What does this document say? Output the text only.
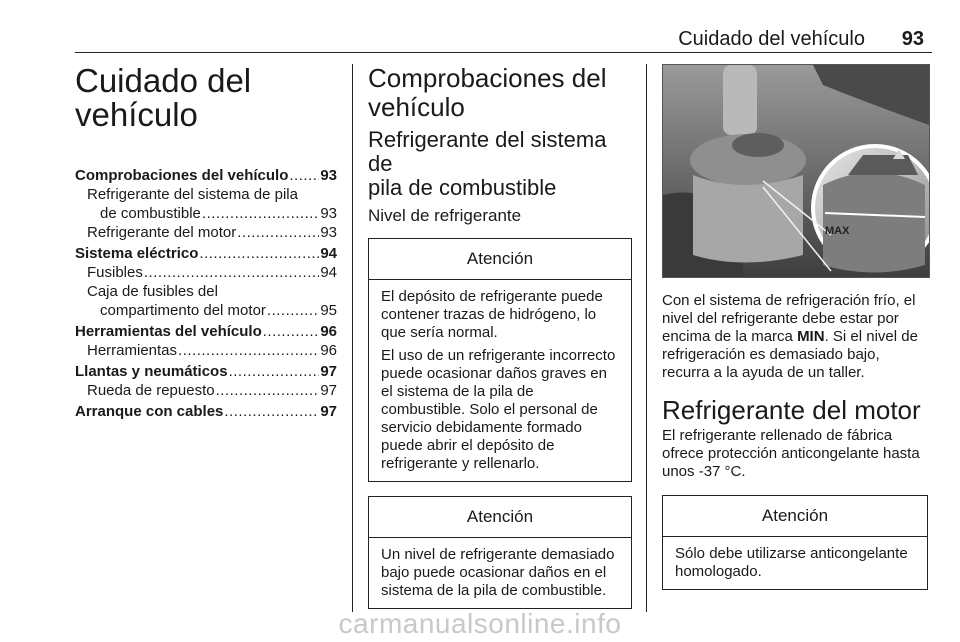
Cuidado del vehículo 93
Cuidado del
vehículo
Comprobaciones del vehículo ..... 93
Refrigerante del sistema de pila
de combustible .....	93
Refrigerante del motor .....	93
Sistema eléctrico .....	94
Fusibles .....	94
Caja de fusibles del
compartimento del motor .....	95
Herramientas del vehículo .....	96
Herramientas .....	96
Llantas y neumáticos .....	97
Rueda de repuesto .....	97
Arranque con cables .....	97
Comprobaciones del
vehículo
Refrigerante del sistema de
pila de combustible
Nivel de refrigerante
Atención

El depósito de refrigerante puede contener trazas de hidrógeno, lo que sería normal.

El uso de un refrigerante incorrecto puede ocasionar daños graves en el sistema de la pila de combustible. Solo el personal de servicio debidamente formado puede abrir el depósito de refrigerante y rellenarlo.

Atención

Un nivel de refrigerante demasiado bajo puede ocasionar daños en el sistema de la pila de combustible.

MAX

Con el sistema de refrigeración frío, el nivel del refrigerante debe estar por encima de la marca MIN. Si el nivel de refrigeración es demasiado bajo, recurra a la ayuda de un taller.

Refrigerante del motor

El refrigerante rellenado de fábrica ofrece protección anticongelante hasta unos -37 °C.

Atención

Sólo debe utilizarse anticongelante homologado.

carmanualsonline.info
